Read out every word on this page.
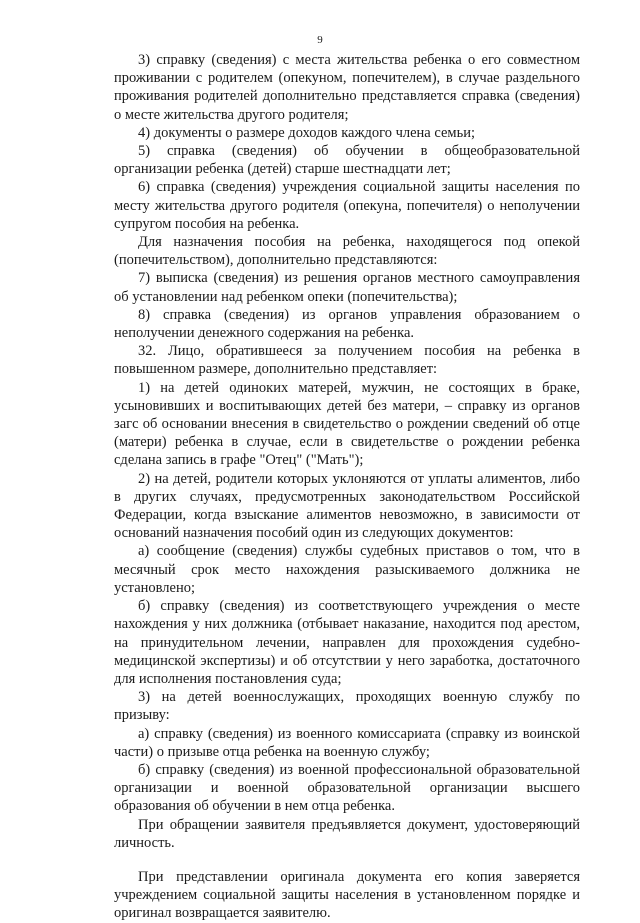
9

3) справку (сведения) с места жительства ребенка о его совместном проживании с родителем (опекуном, попечителем), в случае раздельного проживания родителей дополнительно представляется справка (сведения) о месте жительства другого родителя;

4) документы о размере доходов каждого члена семьи;

5) справка (сведения) об обучении в общеобразовательной организации ребенка (детей) старше шестнадцати лет;

6) справка (сведения) учреждения социальной защиты населения по месту жительства другого родителя (опекуна, попечителя) о неполучении супругом пособия на ребенка.

Для назначения пособия на ребенка, находящегося под опекой (попечительством), дополнительно представляются:

7) выписка (сведения) из решения органов местного самоуправления об установлении над ребенком опеки (попечительства);

8) справка (сведения) из органов управления образованием о неполучении денежного содержания на ребенка.

32. Лицо, обратившееся за получением пособия на ребенка в повышенном размере, дополнительно представляет:

1) на детей одиноких матерей, мужчин, не состоящих в браке, усыновивших и воспитывающих детей без матери, – справку из органов загс об основании внесения в свидетельство о рождении сведений об отце (матери) ребенка в случае, если в свидетельстве о рождении ребенка сделана запись в графе "Отец" ("Мать");

2) на детей, родители которых уклоняются от уплаты алиментов, либо в других случаях, предусмотренных законодательством Российской Федерации, когда взыскание алиментов невозможно, в зависимости от оснований назначения пособий один из следующих документов:

а) сообщение (сведения) службы судебных приставов о том, что в месячный срок место нахождения разыскиваемого должника не установлено;

б) справку (сведения) из соответствующего учреждения о месте нахождения у них должника (отбывает наказание, находится под арестом, на принудительном лечении, направлен для прохождения судебно-медицинской экспертизы) и об отсутствии у него заработка, достаточного для исполнения постановления суда;

3) на детей военнослужащих, проходящих военную службу по призыву:

а) справку (сведения) из военного комиссариата (справку из воинской части) о призыве отца ребенка на военную службу;

б) справку (сведения) из военной профессиональной образовательной организации и военной образовательной организации высшего образования об обучении в нем отца ребенка.

При обращении заявителя предъявляется документ, удостоверяющий личность.

При представлении оригинала документа его копия заверяется учреждением социальной защиты населения в установленном порядке и оригинал возвращается заявителю.
